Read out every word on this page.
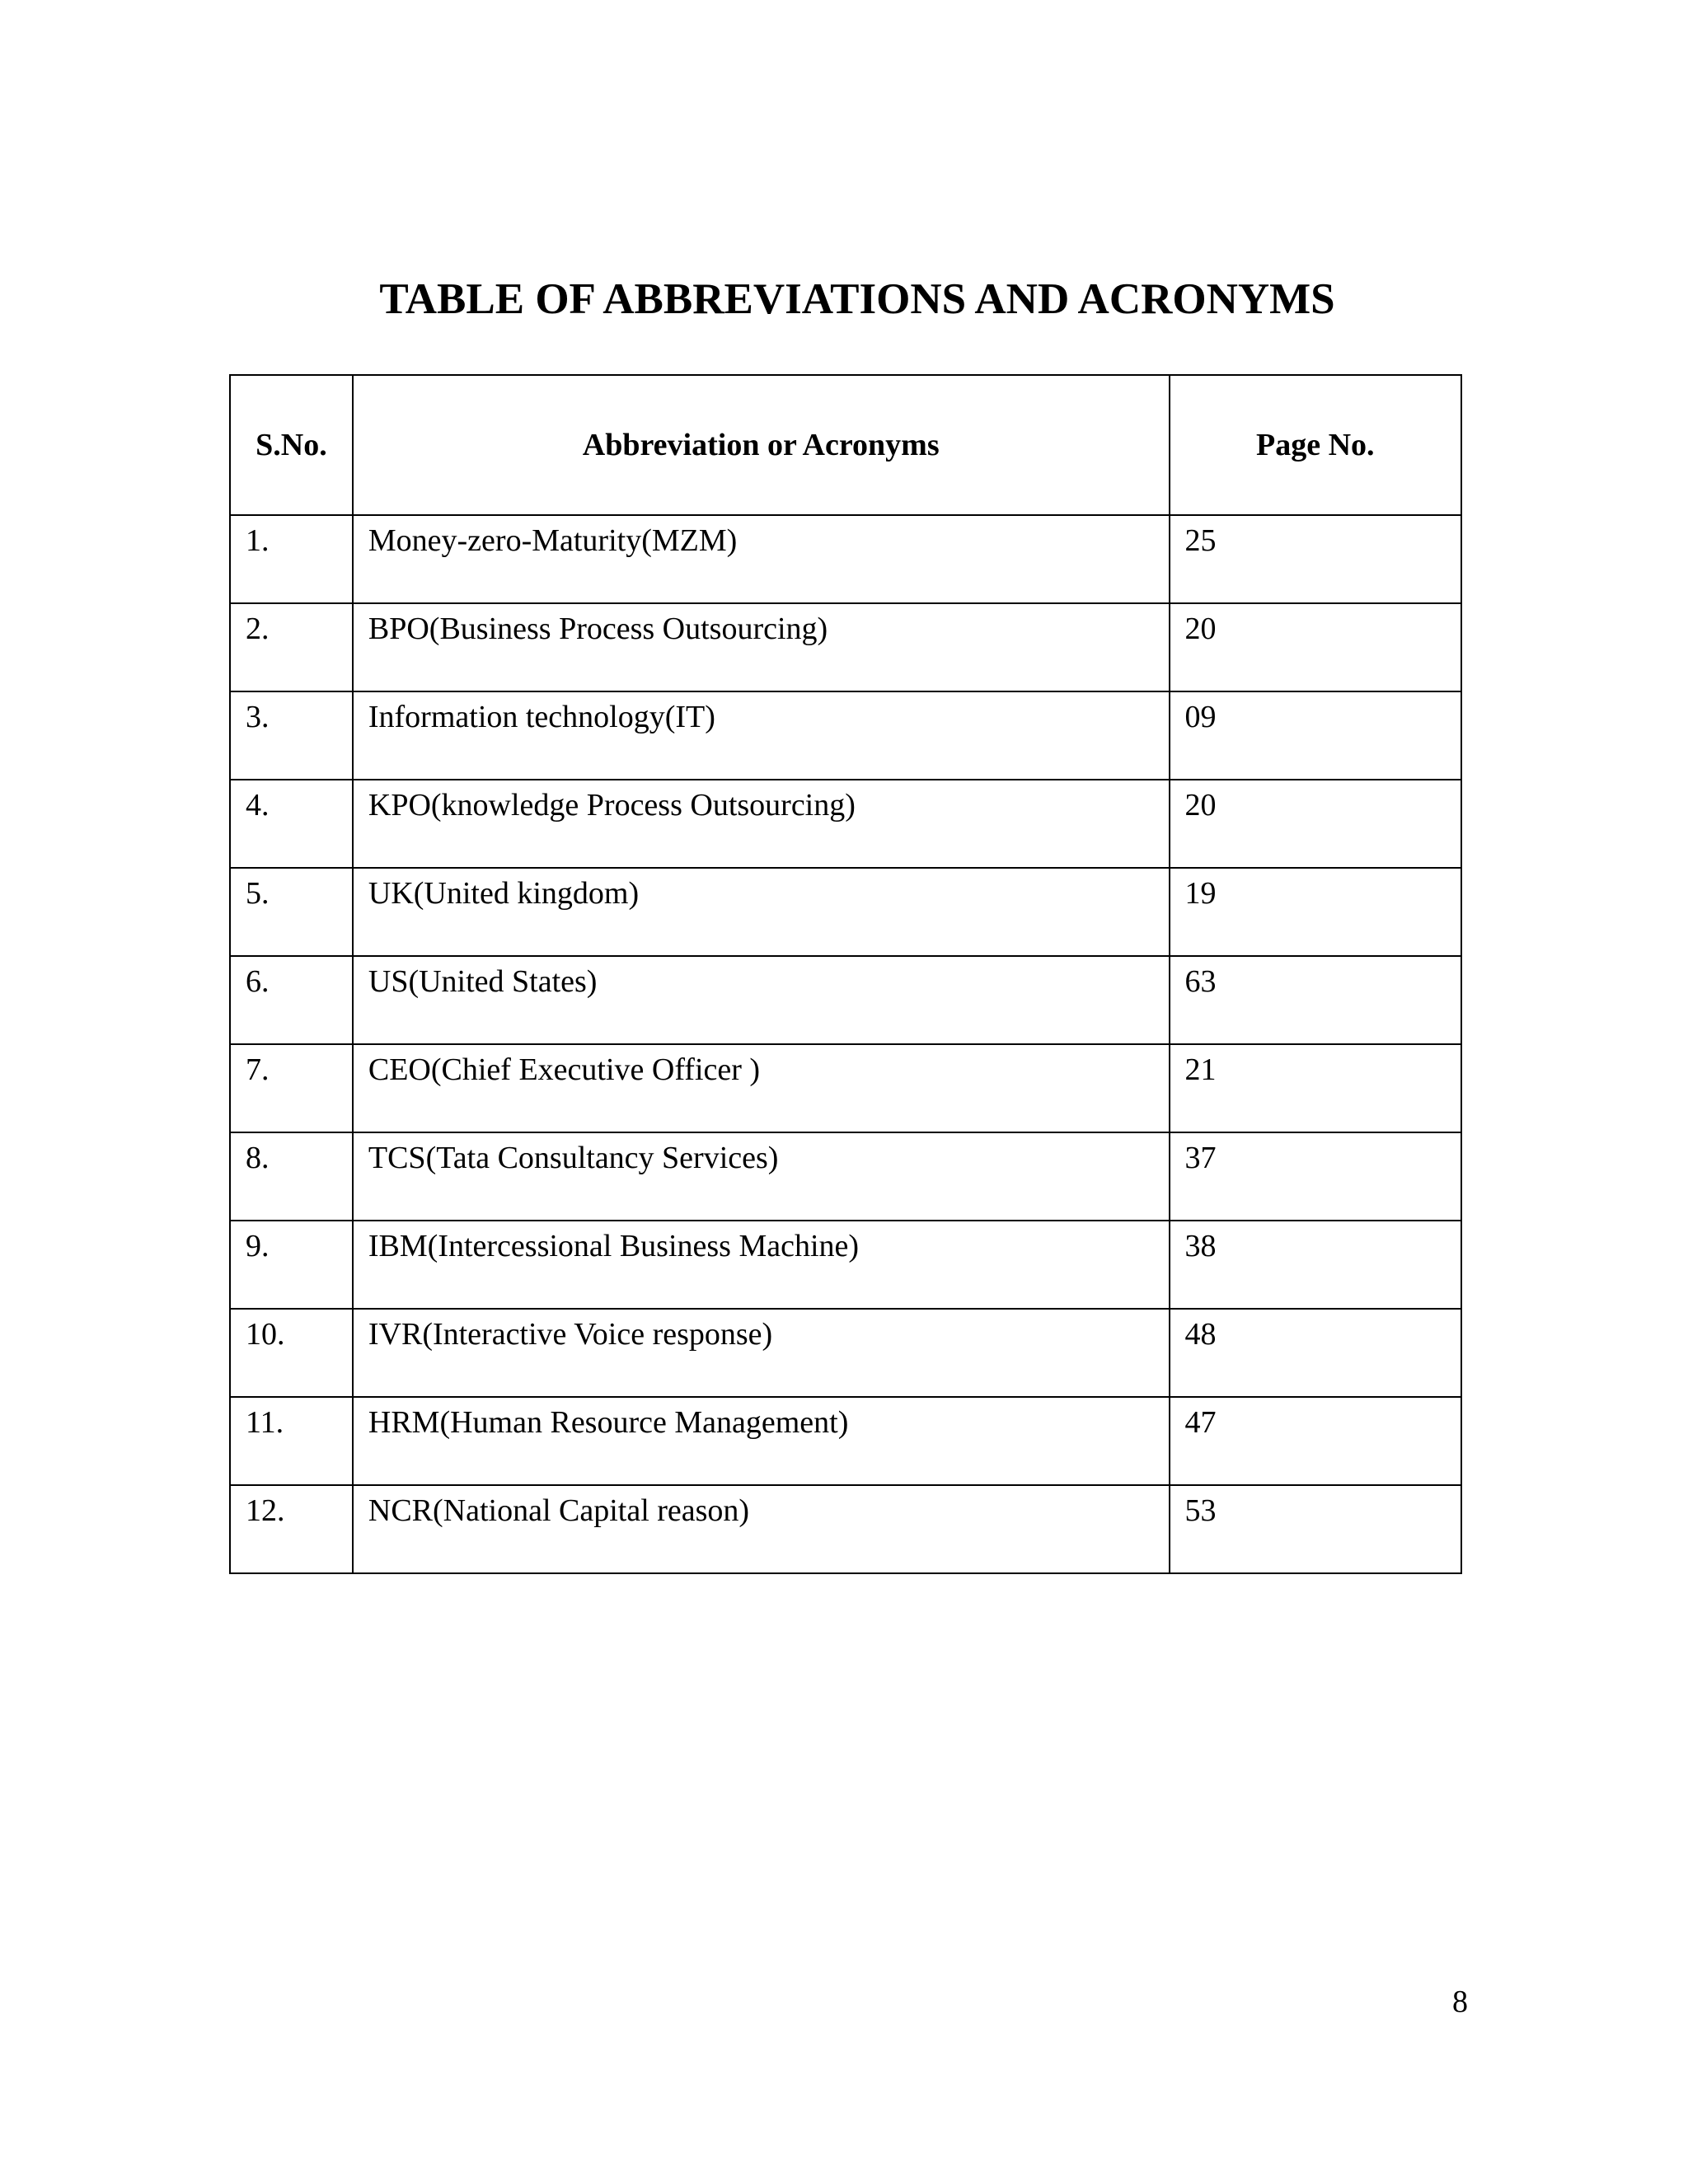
TABLE OF ABBREVIATIONS AND ACRONYMS
S.No.	Abbreviation or Acronyms	Page No.
1.	Money-zero-Maturity(MZM)	25
2.	BPO(Business Process Outsourcing)	20
3.	Information technology(IT)	09
4.	KPO(knowledge Process Outsourcing)	20
5.	UK(United kingdom)	19
6.	US(United States)	63
7.	CEO(Chief Executive Officer )	21
8.	TCS(Tata Consultancy Services)	37
9.	IBM(Intercessional Business Machine)	38
10.	IVR(Interactive Voice response)	48
11.	HRM(Human Resource Management)	47
12.	NCR(National Capital reason)	53
8
